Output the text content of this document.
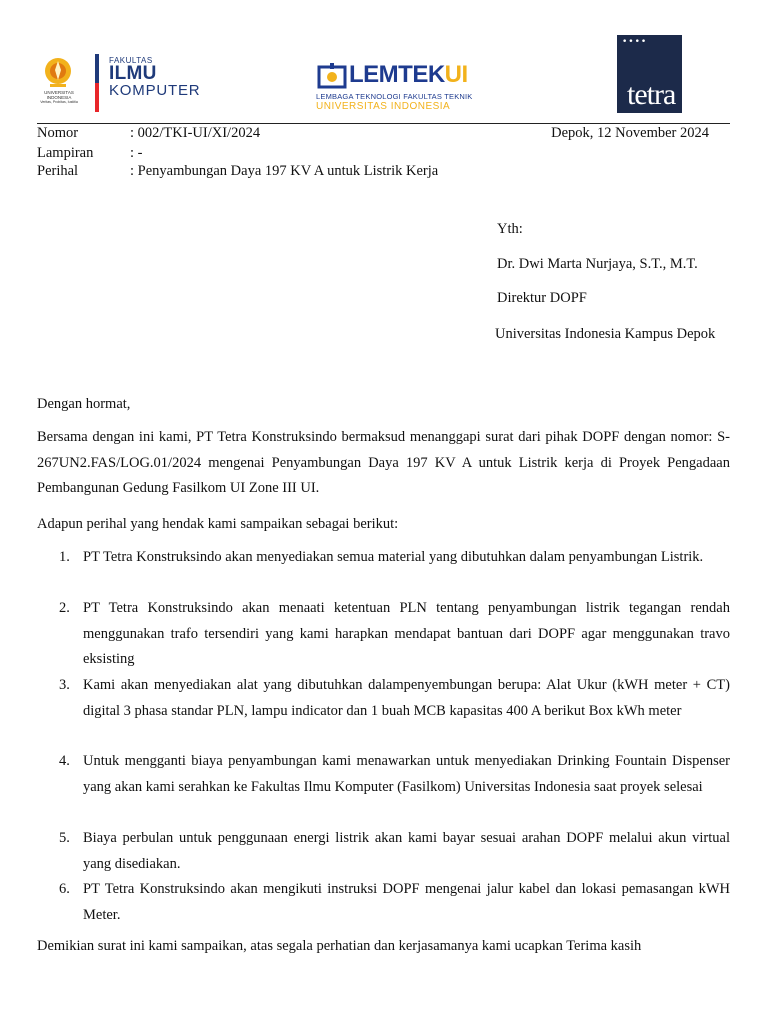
UNIVERSITAS INDONESIA
Veritas, Probitas, Iustitia
FAKULTAS
ILMU
KOMPUTER
LEMTEKUI
LEMBAGA TEKNOLOGI FAKULTAS TEKNIK
UNIVERSITAS INDONESIA
••••
tetra
Nomor	: 002/TKI-UI/XI/2024	Depok, 12 November 2024
Lampiran	: -
Perihal	: Penyambungan Daya 197 KV A untuk Listrik Kerja
Yth:
Dr. Dwi Marta Nurjaya, S.T., M.T.
Direktur DOPF
Universitas Indonesia Kampus Depok
Dengan hormat,
Bersama dengan ini kami, PT Tetra Konstruksindo bermaksud menanggapi surat dari pihak DOPF dengan nomor: S-267UN2.FAS/LOG.01/2024 mengenai Penyambungan Daya 197 KV A untuk Listrik kerja di Proyek Pengadaan Pembangunan Gedung Fasilkom UI Zone III UI.
Adapun perihal yang hendak kami sampaikan sebagai berikut:
1. PT Tetra Konstruksindo akan menyediakan semua material yang dibutuhkan dalam penyambungan Listrik.
2. PT Tetra Konstruksindo akan menaati ketentuan PLN tentang penyambungan listrik tegangan rendah menggunakan trafo tersendiri yang kami harapkan mendapat bantuan dari DOPF agar menggunakan travo eksisting
3. Kami akan menyediakan alat yang dibutuhkan dalampenyembungan berupa: Alat Ukur (kWH meter + CT) digital 3 phasa standar PLN, lampu indicator dan 1 buah MCB kapasitas 400 A berikut Box kWh meter
4. Untuk mengganti biaya penyambungan kami menawarkan untuk menyediakan Drinking Fountain Dispenser yang akan kami serahkan ke Fakultas Ilmu Komputer (Fasilkom) Universitas Indonesia saat proyek selesai
5. Biaya perbulan untuk penggunaan energi listrik akan kami bayar sesuai arahan DOPF melalui akun virtual yang disediakan.
6. PT Tetra Konstruksindo akan mengikuti instruksi DOPF mengenai jalur kabel dan lokasi pemasangan kWH Meter.
Demikian surat ini kami sampaikan, atas segala perhatian dan kerjasamanya kami ucapkan Terima kasih
